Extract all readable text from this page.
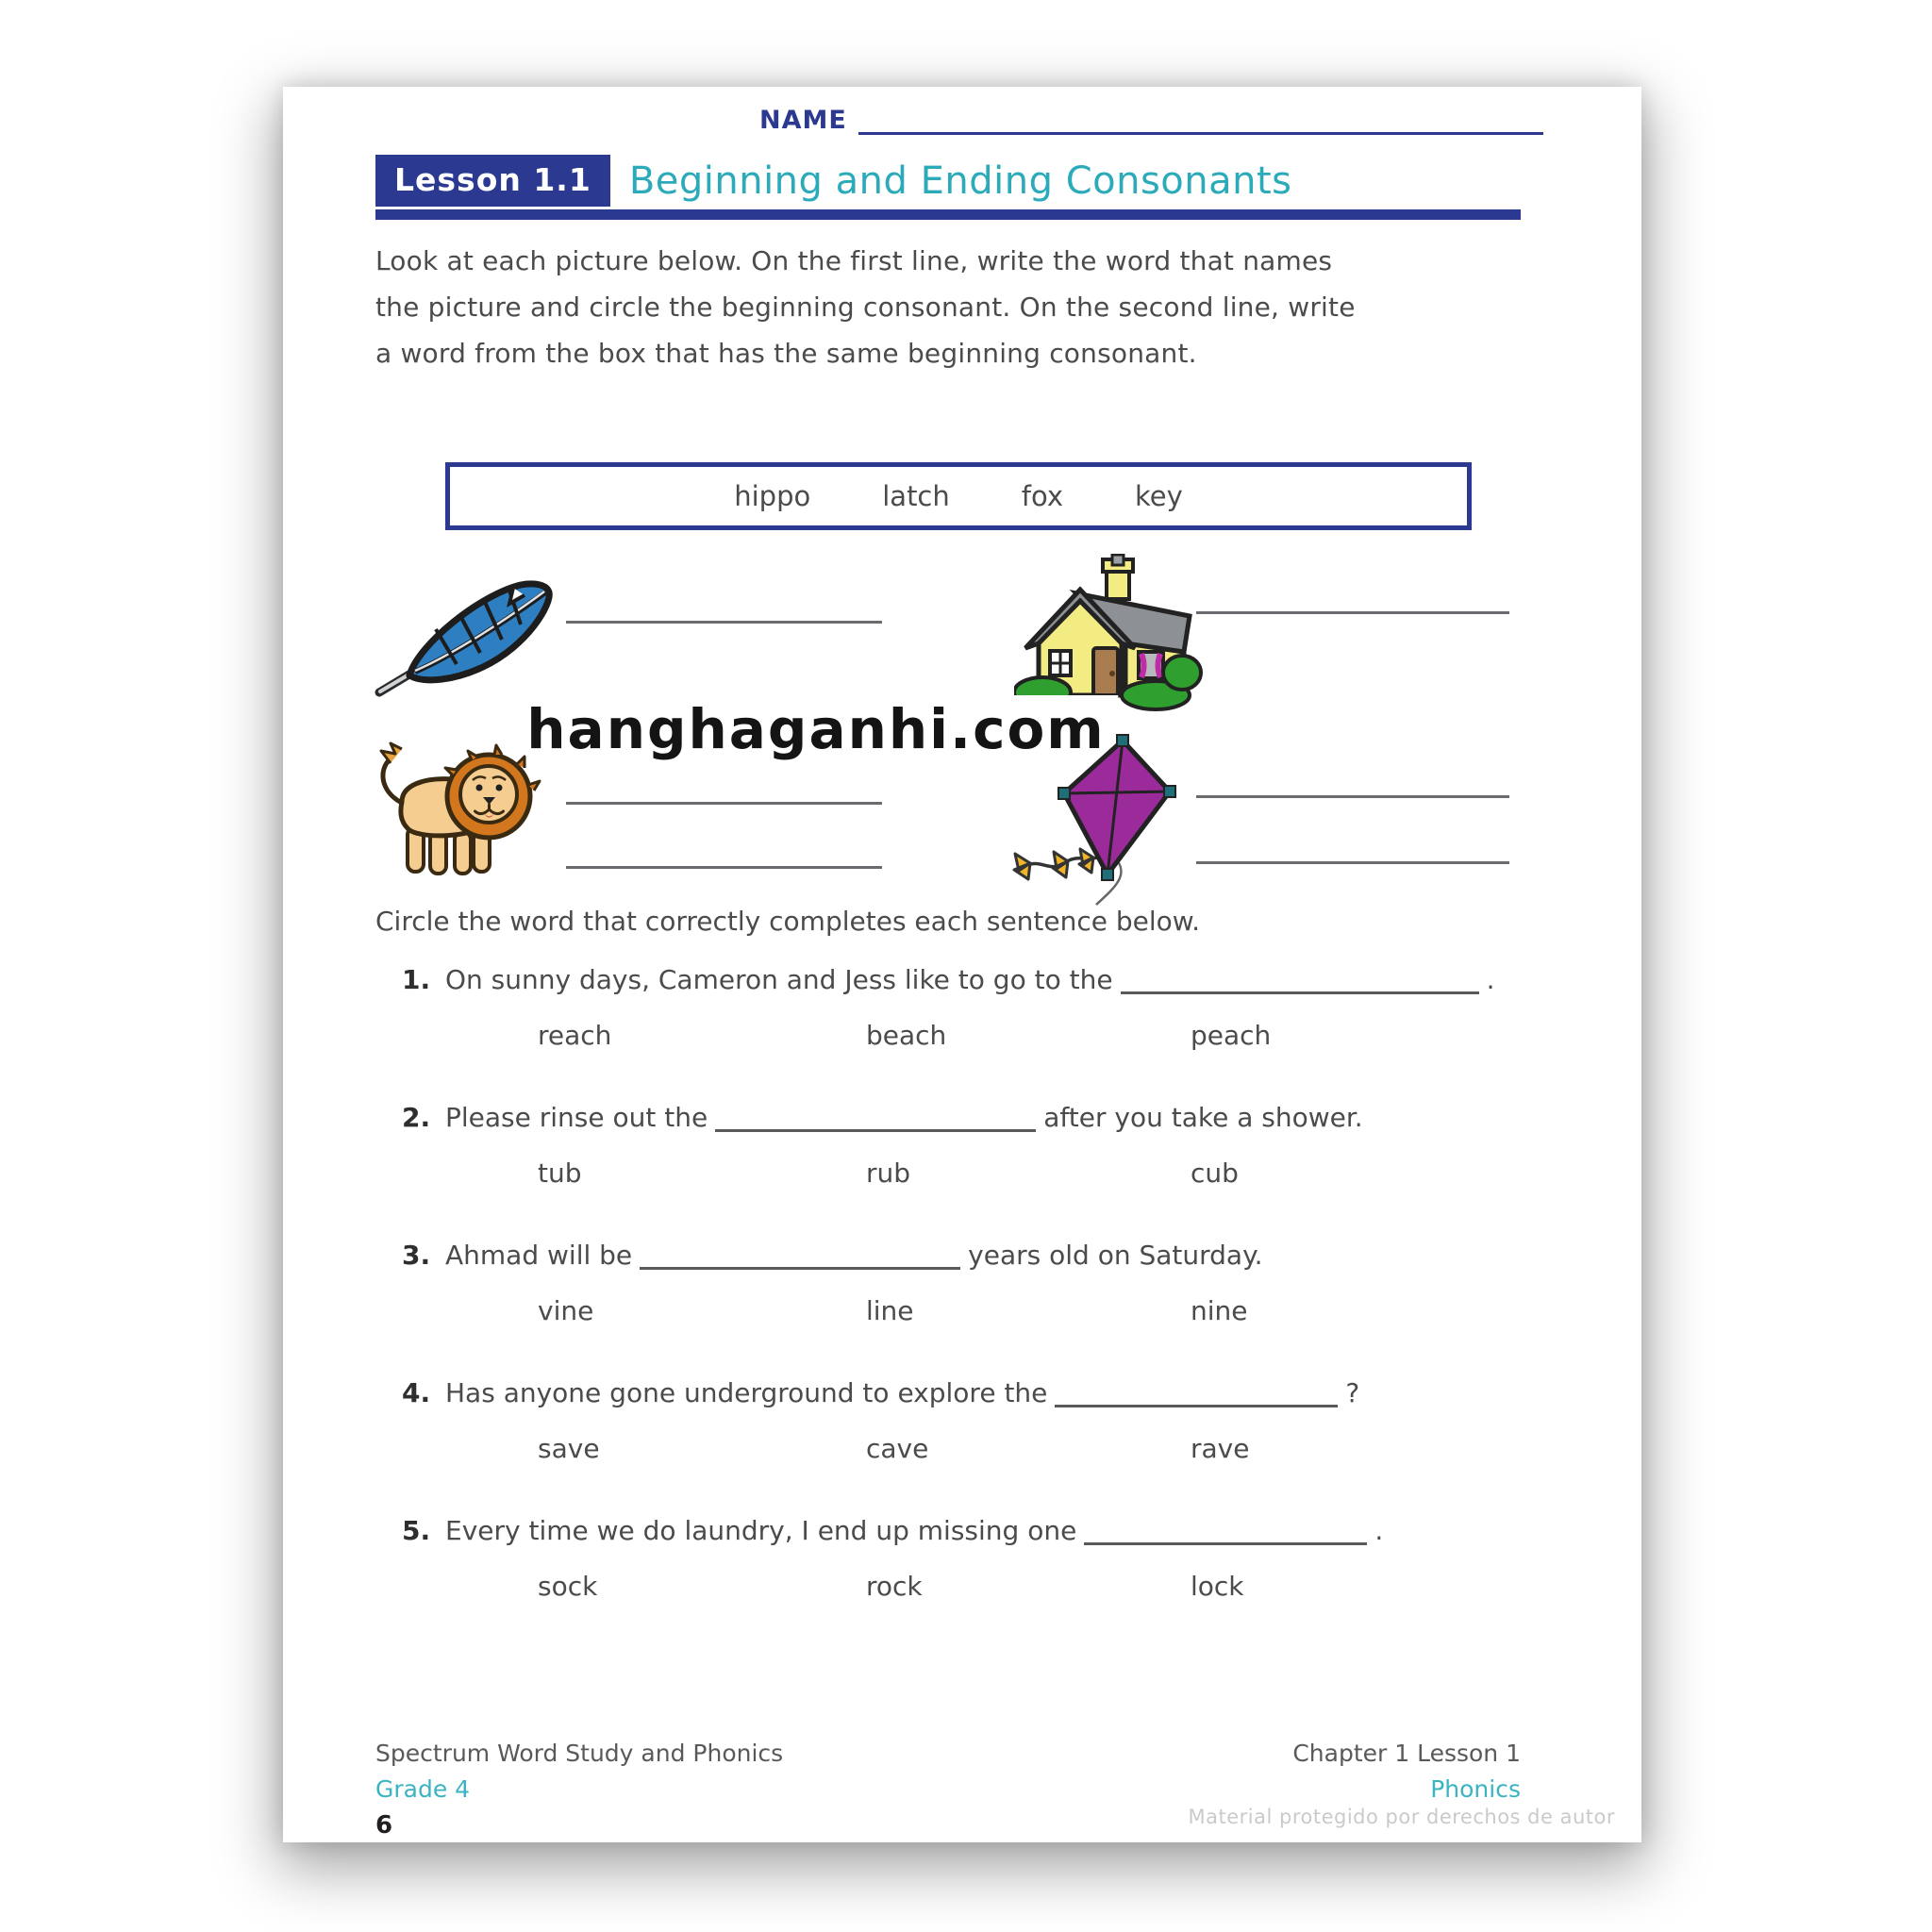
NAME
Lesson 1.1	Beginning and Ending Consonants
Look at each picture below. On the first line, write the word that names
the picture and circle the beginning consonant. On the second line, write
a word from the box that has the same beginning consonant.
hippo	latch	fox	key
hanghaganhi.com
Circle the word that correctly completes each sentence below.
1. On sunny days, Cameron and Jess like to go to the	.
reach	beach	peach
2. Please rinse out the	after you take a shower.
tub	rub	cub
3. Ahmad will be	years old on Saturday.
vine	line	nine
4. Has anyone gone underground to explore the	?
save	cave	rave
5. Every time we do laundry, I end up missing one	.
sock	rock	lock
Spectrum Word Study and Phonics
Grade 4
6
Chapter 1 Lesson 1
Phonics
Material protegido por derechos de autor
